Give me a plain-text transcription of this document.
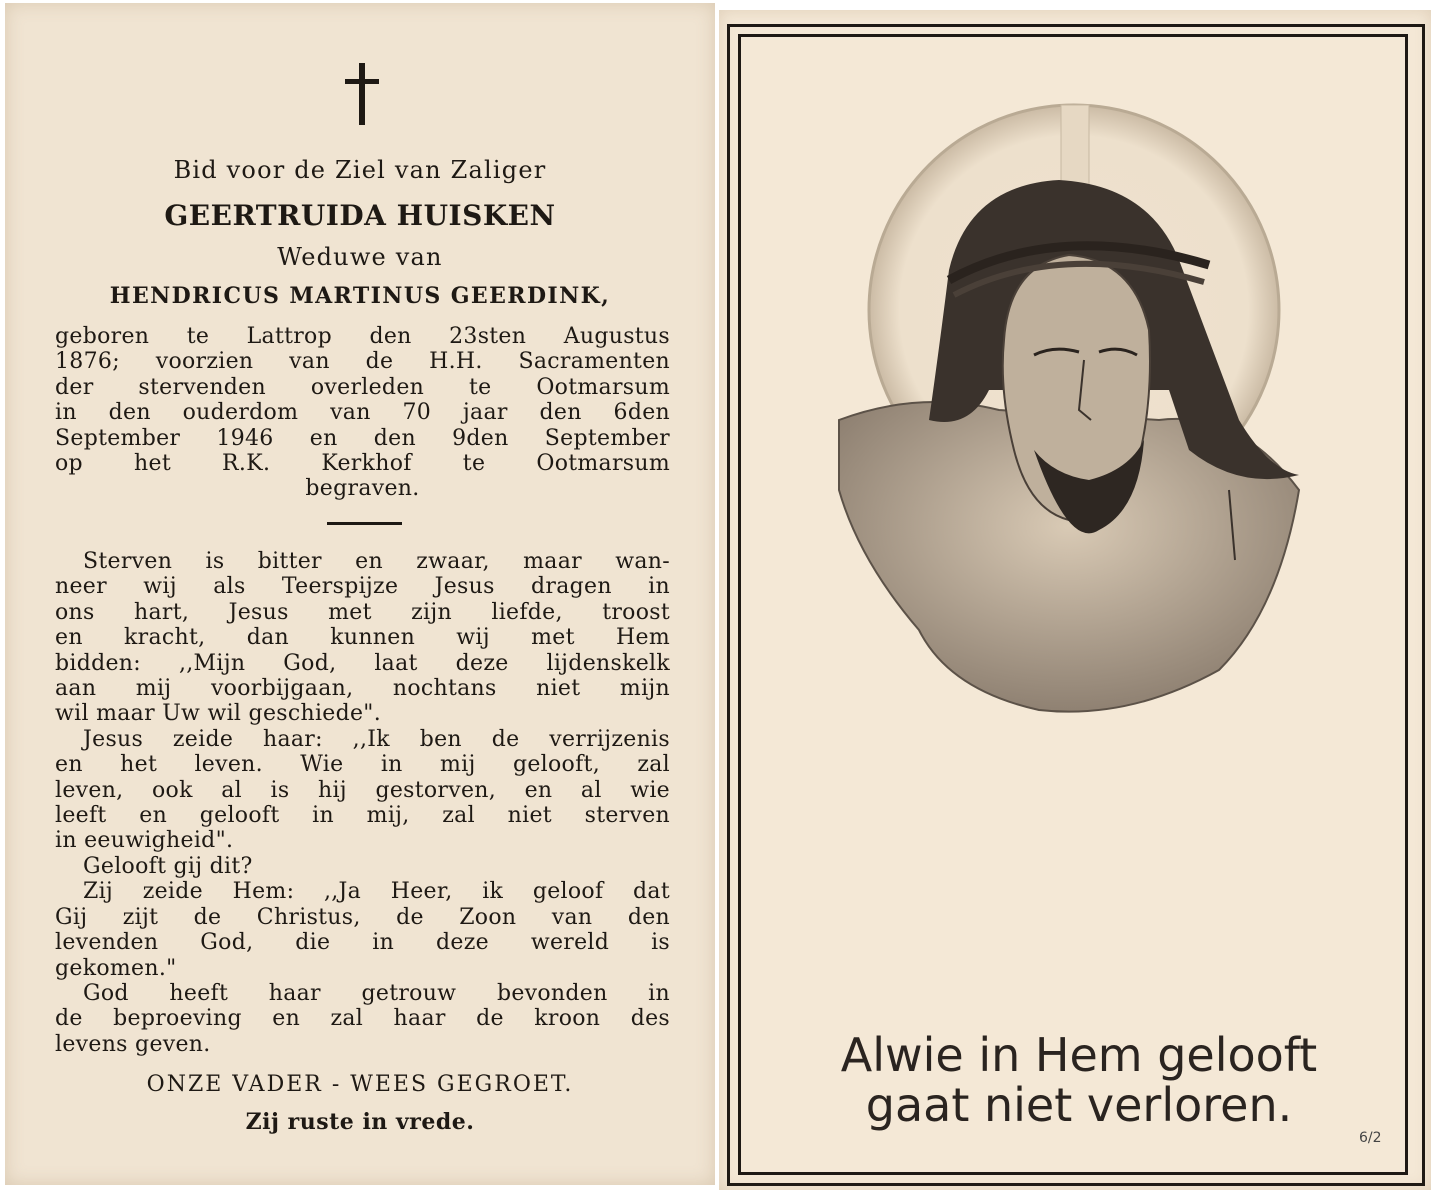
Bid voor de Ziel van Zaliger
GEERTRUIDA HUISKEN
Weduwe van
HENDRICUS MARTINUS GEERDINK,
geboren te Lattrop den 23sten Augustus
1876; voorzien van de H.H. Sacramenten
der stervenden overleden te Ootmarsum
in den ouderdom van 70 jaar den 6den
September 1946 en den 9den September
op het R.K. Kerkhof te Ootmarsum
begraven.
Sterven is bitter en zwaar, maar wan-
neer wij als Teerspijze Jesus dragen in
ons hart, Jesus met zijn liefde, troost
en kracht, dan kunnen wij met Hem
bidden: ,,Mijn God, laat deze lijdenskelk
aan mij voorbijgaan, nochtans niet mijn
wil maar Uw wil geschiede".
Jesus zeide haar: ,,Ik ben de verrijzenis
en het leven. Wie in mij gelooft, zal
leven, ook al is hij gestorven, en al wie
leeft en gelooft in mij, zal niet sterven
in eeuwigheid".
Gelooft gij dit?
Zij zeide Hem: ,,Ja Heer, ik geloof dat
Gij zijt de Christus, de Zoon van den
levenden God, die in deze wereld is
gekomen."
God heeft haar getrouw bevonden in
de beproeving en zal haar de kroon des
levens geven.
ONZE VADER - WEES GEGROET.
Zij ruste in vrede.
Alwie in Hem gelooft
gaat niet verloren.
6/2
